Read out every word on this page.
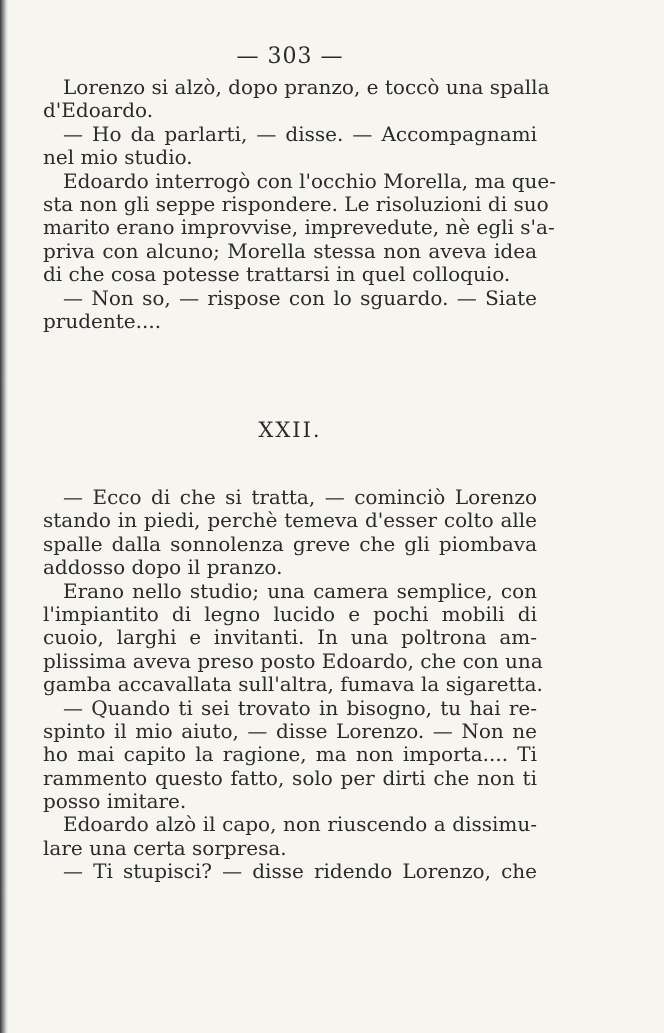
— 303 —
Lorenzo si alzò, dopo pranzo, e toccò una spalla
d'Edoardo.
— Ho da parlarti, — disse. — Accompagnami
nel mio studio.
Edoardo interrogò con l'occhio Morella, ma que-
sta non gli seppe rispondere. Le risoluzioni di suo
marito erano improvvise, imprevedute, nè egli s'a-
priva con alcuno; Morella stessa non aveva idea
di che cosa potesse trattarsi in quel colloquio.
— Non so, — rispose con lo sguardo. — Siate
prudente....
XXII.
— Ecco di che si tratta, — cominciò Lorenzo
stando in piedi, perchè temeva d'esser colto alle
spalle dalla sonnolenza greve che gli piombava
addosso dopo il pranzo.
Erano nello studio; una camera semplice, con
l'impiantito di legno lucido e pochi mobili di
cuoio, larghi e invitanti. In una poltrona am-
plissima aveva preso posto Edoardo, che con una
gamba accavallata sull'altra, fumava la sigaretta.
— Quando ti sei trovato in bisogno, tu hai re-
spinto il mio aiuto, — disse Lorenzo. — Non ne
ho mai capito la ragione, ma non importa.... Ti
rammento questo fatto, solo per dirti che non ti
posso imitare.
Edoardo alzò il capo, non riuscendo a dissimu-
lare una certa sorpresa.
— Ti stupisci? — disse ridendo Lorenzo, che
